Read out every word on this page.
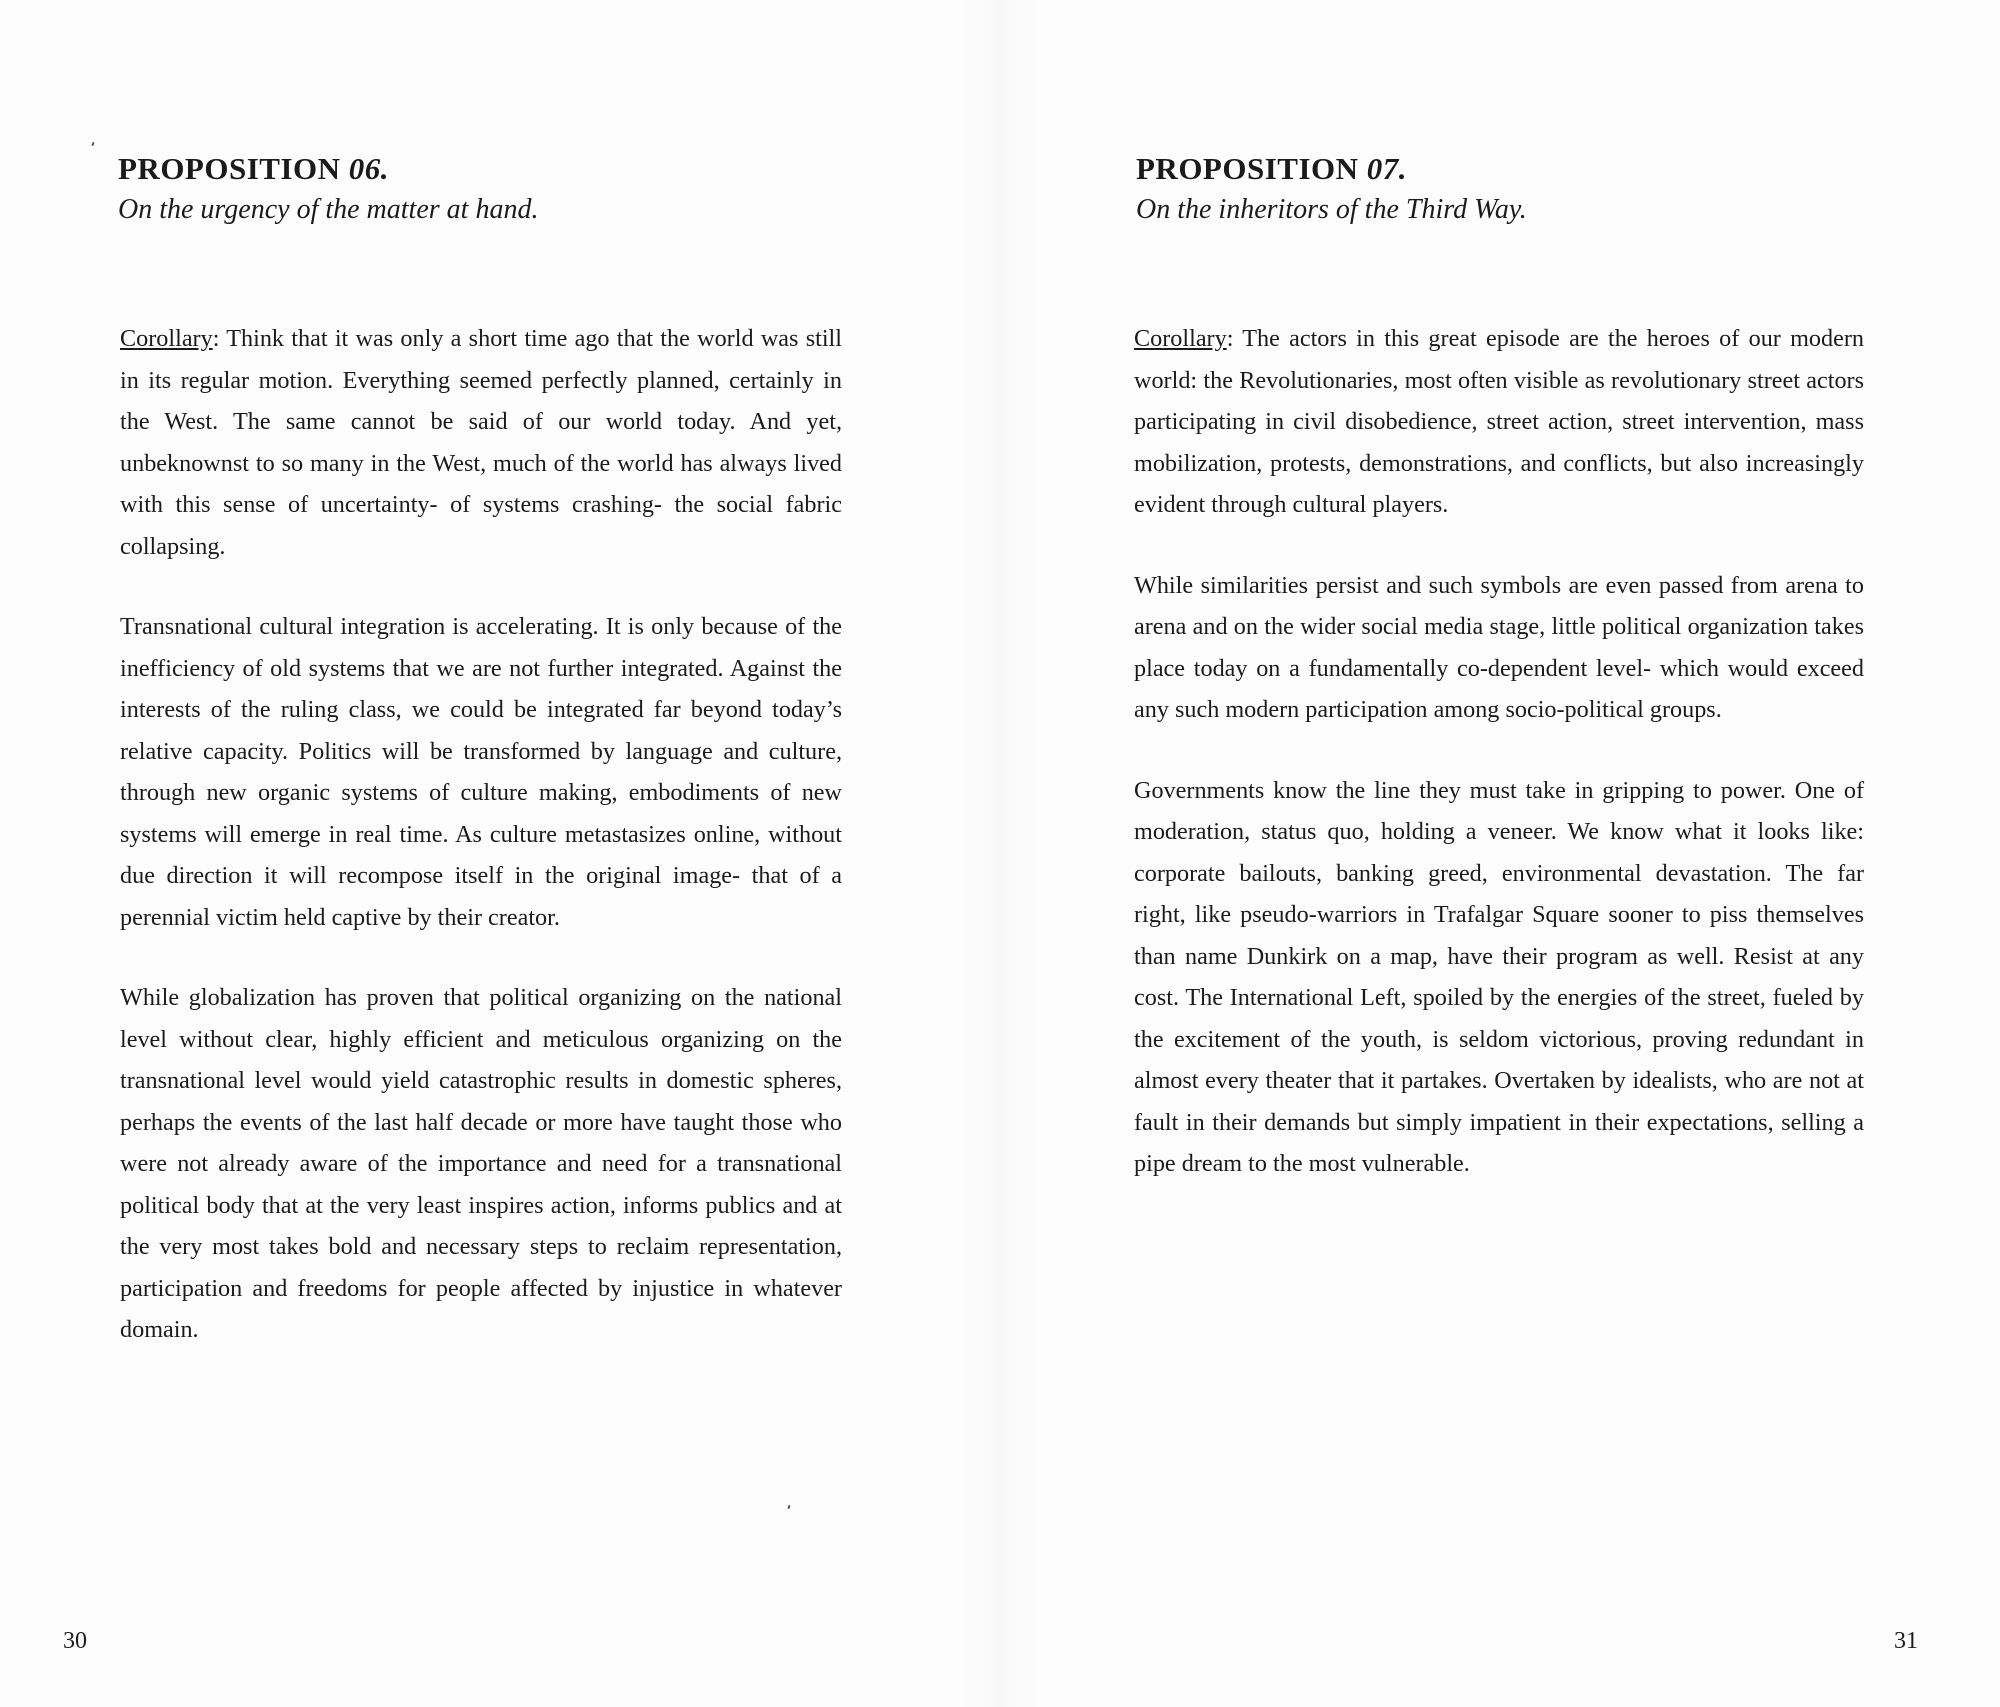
PROPOSITION 06.
On the urgency of the matter at hand.

Corollary: Think that it was only a short time ago that the world was still in its regular motion. Everything seemed perfectly planned, certainly in the West. The same cannot be said of our world today. And yet, unbeknownst to so many in the West, much of the world has always lived with this sense of uncertainty- of systems crashing- the social fabric collapsing.

Transnational cultural integration is accelerating. It is only because of the inefficiency of old systems that we are not further integrated. Against the interests of the ruling class, we could be integrated far beyond today’s relative capacity. Politics will be transformed by language and culture, through new organic systems of culture making, embodiments of new systems will emerge in real time. As culture metastasizes online, without due direction it will recompose itself in the original image- that of a perennial victim held captive by their creator.

While globalization has proven that political organizing on the national level without clear, highly efficient and meticulous organizing on the transnational level would yield catastrophic results in domestic spheres, perhaps the events of the last half decade or more have taught those who were not already aware of the importance and need for a transnational political body that at the very least inspires action, informs publics and at the very most takes bold and necessary steps to reclaim representation, participation and freedoms for people affected by injustice in whatever domain.

30
PROPOSITION 07.
On the inheritors of the Third Way.

Corollary: The actors in this great episode are the heroes of our modern world: the Revolutionaries, most often visible as revolutionary street actors participating in civil disobedience, street action, street intervention, mass mobilization, protests, demonstrations, and conflicts, but also increasingly evident through cultural players.

While similarities persist and such symbols are even passed from arena to arena and on the wider social media stage, little political organization takes place today on a fundamentally co-dependent level- which would exceed any such modern participation among socio-political groups.

Governments know the line they must take in gripping to power. One of moderation, status quo, holding a veneer. We know what it looks like: corporate bailouts, banking greed, environmental devastation. The far right, like pseudo-warriors in Trafalgar Square sooner to piss themselves than name Dunkirk on a map, have their program as well. Resist at any cost. The International Left, spoiled by the energies of the street, fueled by the excitement of the youth, is seldom victorious, proving redundant in almost every theater that it partakes. Overtaken by idealists, who are not at fault in their demands but simply impatient in their expectations, selling a pipe dream to the most vulnerable.

31
